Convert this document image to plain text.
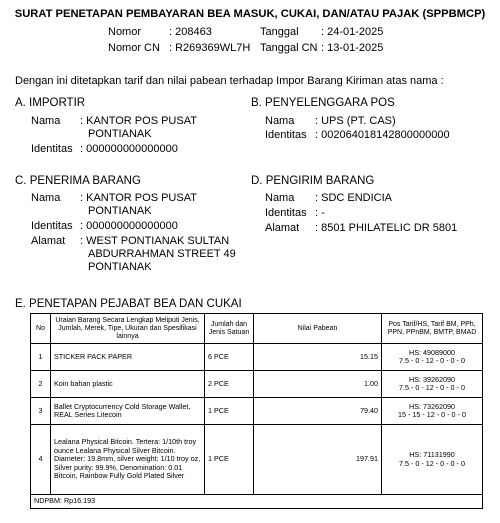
SURAT PENETAPAN PEMBAYARAN BEA MASUK, CUKAI, DAN/ATAU PAJAK (SPPBMCP)
Nomor	: 208463	Tanggal : 24-01-2025
Nomor CN : R269369WL7H Tanggal CN : 13-01-2025
Dengan ini ditetapkan tarif dan nilai pabean terhadap Impor Barang Kiriman atas nama :
A. IMPORTIR
Nama : KANTOR POS PUSAT
PONTIANAK
Identitas : 000000000000000
B. PENYELENGGARA POS
Nama : UPS (PT. CAS)
Identitas : 002064018142800000000
C. PENERIMA BARANG
Nama : KANTOR POS PUSAT
PONTIANAK
Identitas : 000000000000000
Alamat : WEST PONTIANAK SULTAN
ABDURRAHMAN STREET 49
PONTIANAK
D. PENGIRIM BARANG
Nama : SDC ENDICIA
Identitas : -
Alamat : 8501 PHILATELIC DR 5801
E. PENETAPAN PEJABAT BEA DAN CUKAI
No	Uraian Barang Secara Lengkap Meliputi Jenis, Jumlah, Merek, Tipe, Ukuran dan Spesifikasi lainnya	Jumlah dan Jenis Satuan	Nilai Pabean	Pos Tarif/HS, Tarif BM, PPh, PPN, PPnBM, BMTP, BMAD
1	STICKER PACK PAPER	6 PCE	15.15	HS: 49089000
7.5 - 0 - 12 - 0 - 0 - 0

2	Koin bahan plastic	2 PCE	1.00	HS: 39262090
7.5 - 0 - 12 - 0 - 0 - 0

3	Ballet Cryptocurrency Cold Storage Wallet, REAL Series Litecoin	1 PCE	79.40	HS: 73262090
15 - 15 - 12 - 0 - 0 - 0

4	Lealana Physical Bitcoin. Tertera: 1/10th troy ounce Lealana Physical Silver Bitcoin. Diameter: 19.8mm, silver weight: 1/10 troy oz, Silver purity: 99.9%, Denomination: 0.01 Bitcoin, Rainbow Fully Gold Plated Silver	1 PCE	197.91	HS: 71131990
7.5 - 0 - 12 - 0 - 0 - 0

NDPBM: Rp16.193				
